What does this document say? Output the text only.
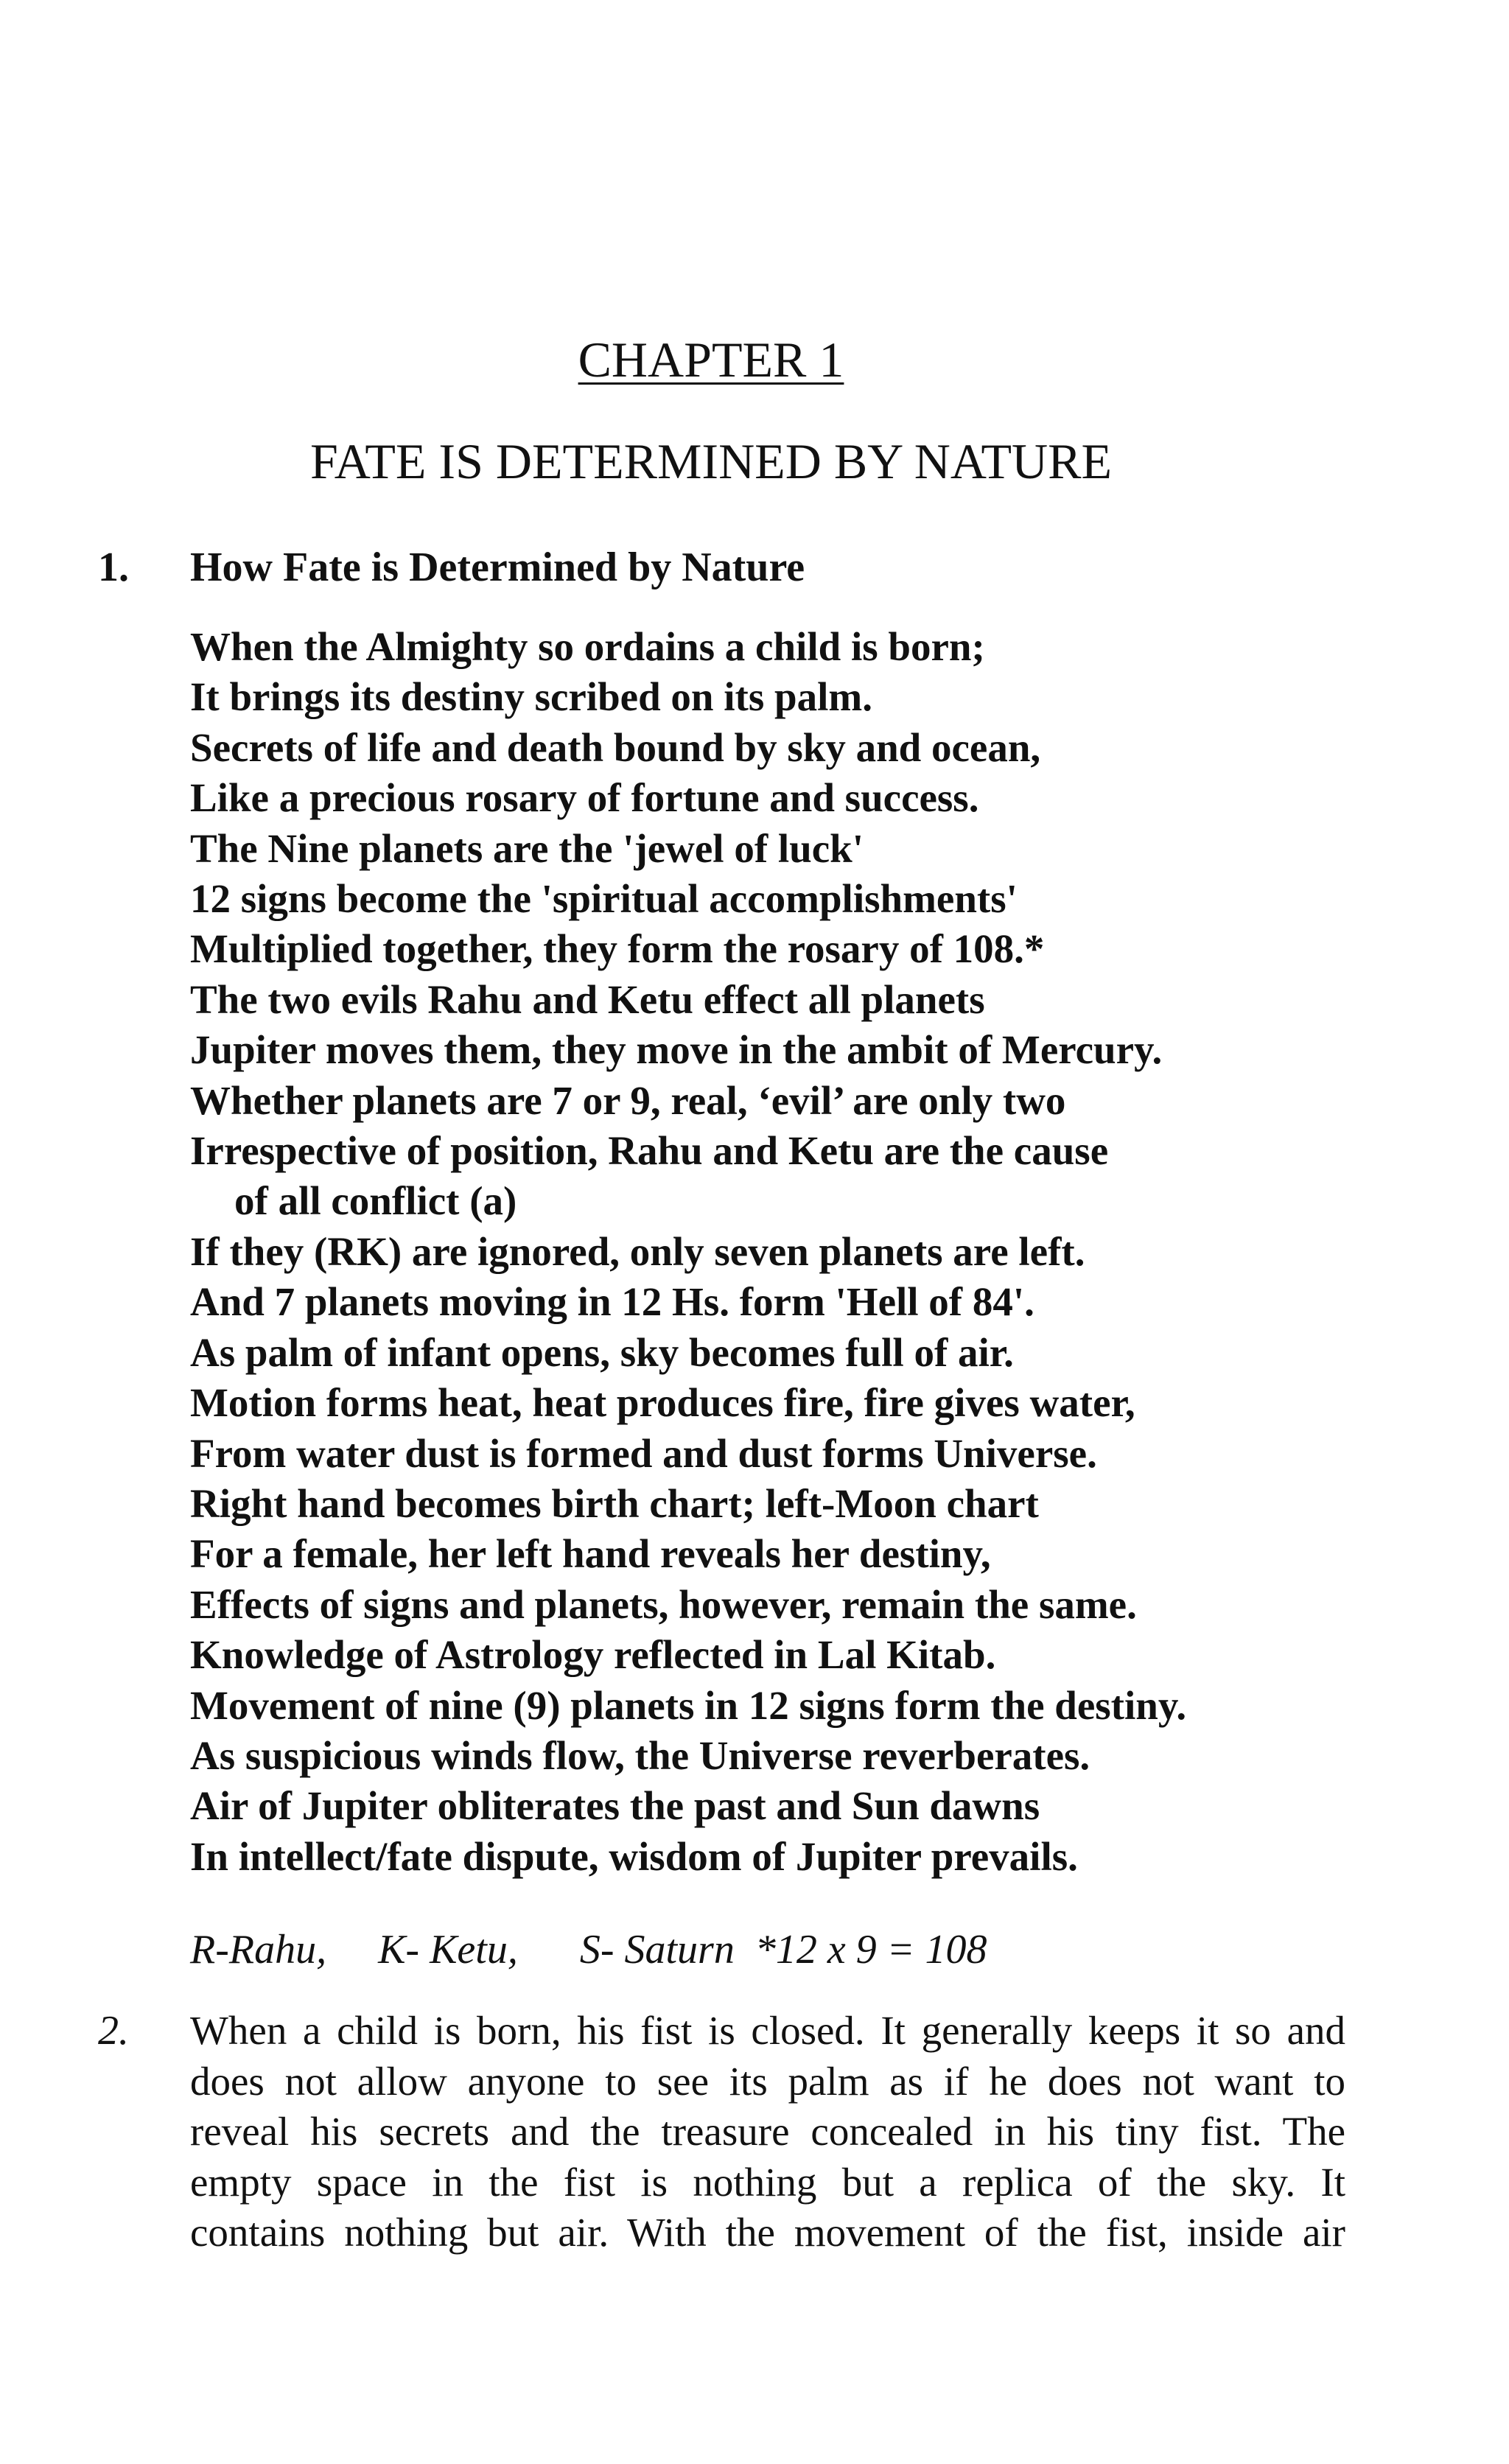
CHAPTER 1
FATE IS DETERMINED BY NATURE
1. How Fate is Determined by Nature
When the Almighty so ordains a child is born;
It brings its destiny scribed on its palm.
Secrets of life and death bound by sky and ocean,
Like a precious rosary of fortune and success.
The Nine planets are the 'jewel of luck'
12 signs become the 'spiritual accomplishments'
Multiplied together, they form the rosary of 108.*
The two evils Rahu and Ketu effect all planets
Jupiter moves them, they move in the ambit of Mercury.
Whether planets are 7 or 9, real, ‘evil’ are only two
Irrespective of position, Rahu and Ketu are the cause
of all conflict (a)
If they (RK) are ignored, only seven planets are left.
And 7 planets moving in 12 Hs. form 'Hell of 84'.
As palm of infant opens, sky becomes full of air.
Motion forms heat, heat produces fire, fire gives water,
From water dust is formed and dust forms Universe.
Right hand becomes birth chart; left-Moon chart
For a female, her left hand reveals her destiny,
Effects of signs and planets, however, remain the same.
Knowledge of Astrology reflected in Lal Kitab.
Movement of nine (9) planets in 12 signs form the destiny.
As suspicious winds flow, the Universe reverberates.
Air of Jupiter obliterates the past and Sun dawns
In intellect/fate dispute, wisdom of Jupiter prevails.
R-Rahu,     K- Ketu,      S- Saturn  *12 x 9 = 108
2. When a child is born, his fist is closed. It generally keeps it so and
does not allow anyone to see its palm as if he does not want to
reveal his secrets and the treasure concealed in his tiny fist. The
empty space in the fist is nothing but a replica of the sky. It
contains nothing but air. With the movement of the fist, inside air
